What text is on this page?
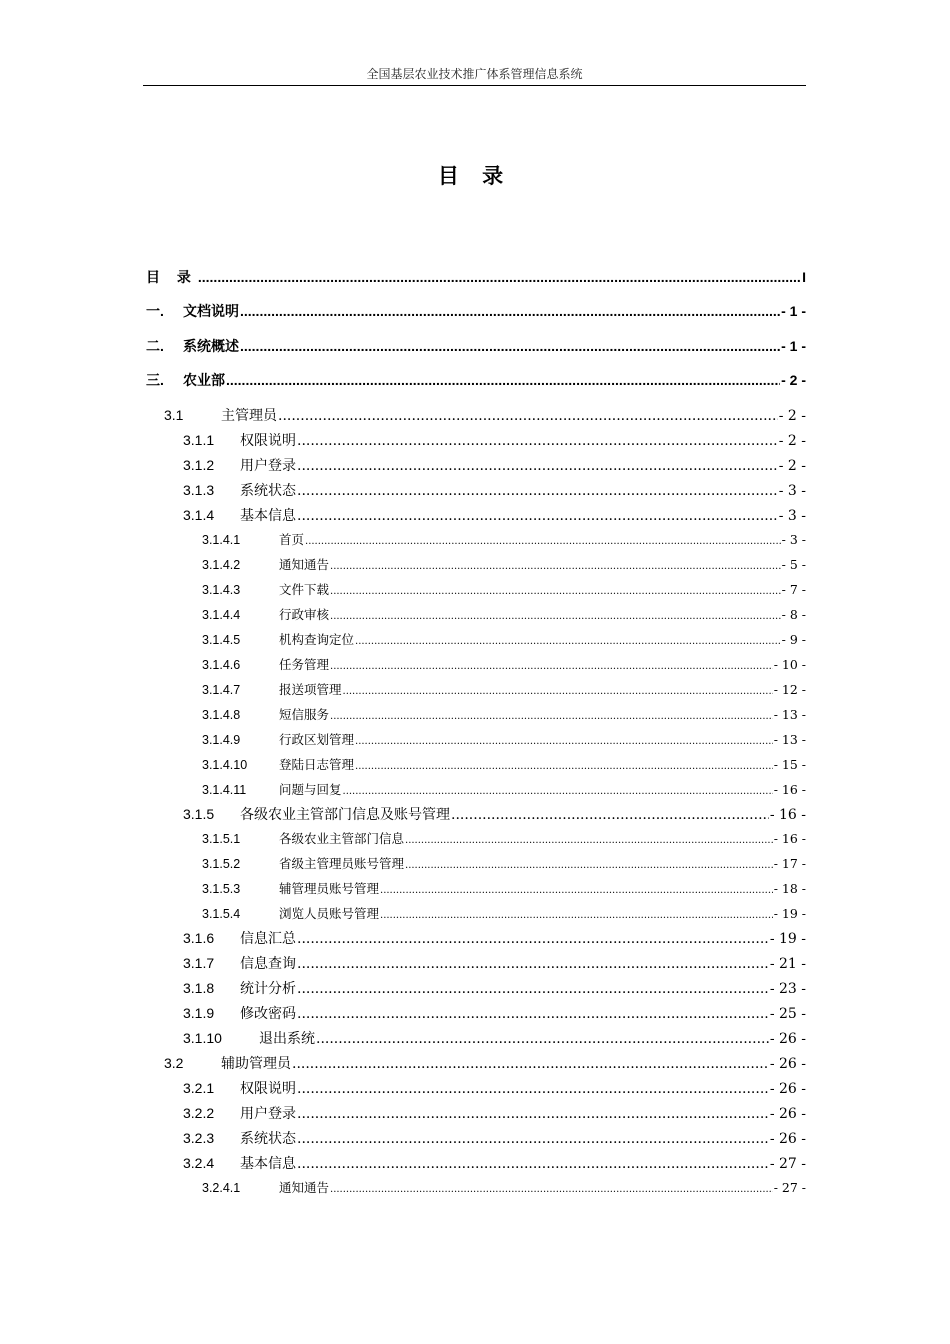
全国基层农业技术推广体系管理信息系统
目 录
目 录 .....	I
一.	文档说明 .....	- 1 -
二.	系统概述 .....	- 1 -
三.	农业部 .....	- 2 -
3.1	主管理员 .....	- 2 -
3.1.1	权限说明 .....	- 2 -
3.1.2	用户登录 .....	- 2 -
3.1.3	系统状态 .....	- 3 -
3.1.4	基本信息 .....	- 3 -
3.1.4.1	首页 .....	- 3 -
3.1.4.2	通知通告 .....	- 5 -
3.1.4.3	文件下载 .....	- 7 -
3.1.4.4	行政审核 .....	- 8 -
3.1.4.5	机构查询定位 .....	- 9 -
3.1.4.6	任务管理 .....	- 10 -
3.1.4.7	报送项管理 .....	- 12 -
3.1.4.8	短信服务 .....	- 13 -
3.1.4.9	行政区划管理 .....	- 13 -
3.1.4.10	登陆日志管理 .....	- 15 -
3.1.4.11	问题与回复 .....	- 16 -
3.1.5	各级农业主管部门信息及账号管理 .....	- 16 -
3.1.5.1	各级农业主管部门信息 .....	- 16 -
3.1.5.2	省级主管理员账号管理 .....	- 17 -
3.1.5.3	辅管理员账号管理 .....	- 18 -
3.1.5.4	浏览人员账号管理 .....	- 19 -
3.1.6	信息汇总 .....	- 19 -
3.1.7	信息查询 .....	- 21 -
3.1.8	统计分析 .....	- 23 -
3.1.9	修改密码 .....	- 25 -
3.1.10	退出系统 .....	- 26 -
3.2	辅助管理员 .....	- 26 -
3.2.1	权限说明 .....	- 26 -
3.2.2	用户登录 .....	- 26 -
3.2.3	系统状态 .....	- 26 -
3.2.4	基本信息 .....	- 27 -
3.2.4.1	通知通告 .....	- 27 -
